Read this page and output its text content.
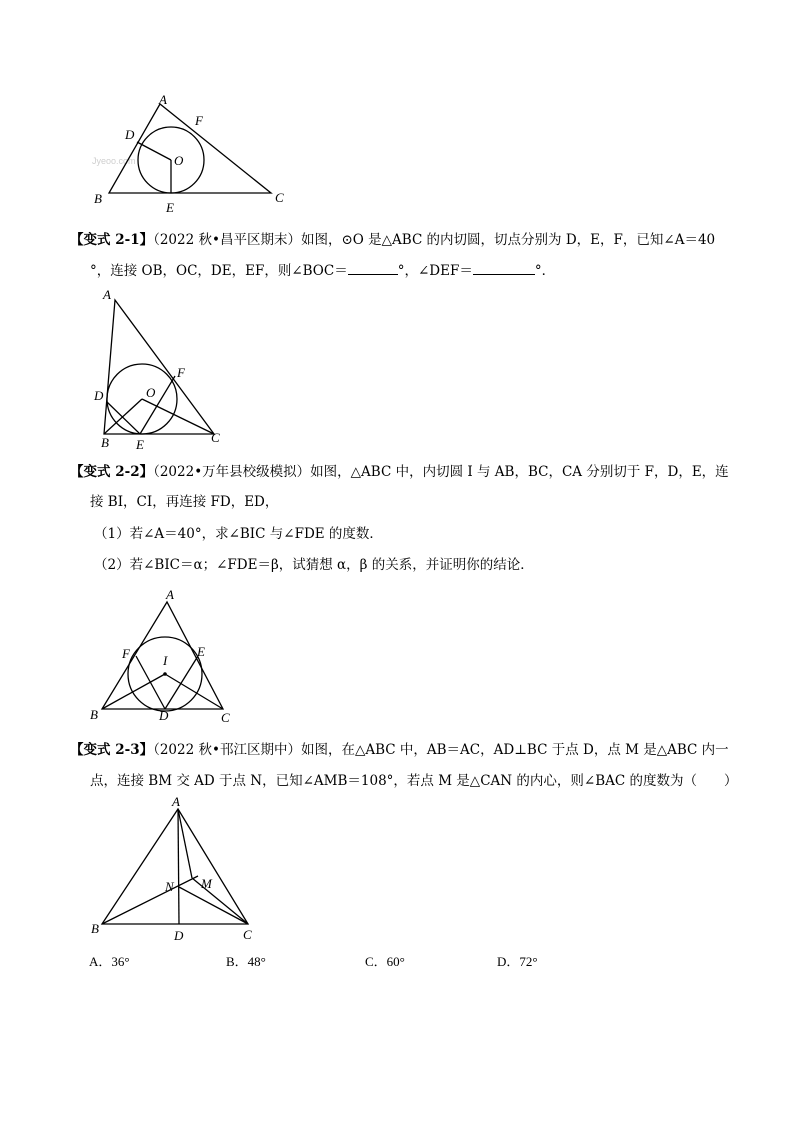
Jyeoo.com
A
F
D
O
B
E
C
【变式 2-1】（2022 秋•昌平区期末）如图，⊙O 是△ABC 的内切圆，切点分别为 D，E，F，已知∠A＝40
°，连接 OB，OC，DE，EF，则∠BOC＝	°，∠DEF＝	°．
A
F
O
D
B E	C
【变式 2-2】（2022•万年县校级模拟）如图，△ABC 中，内切圆 I 与 AB，BC，CA 分别切于 F，D，E，连
接 BI，CI，再连接 FD，ED，
（1）若∠A＝40°，求∠BIC 与∠FDE 的度数．
（2）若∠BIC＝α；∠FDE＝β，试猜想 α，β 的关系，并证明你的结论．
A
F	E
I
B	D	C
【变式 2-3】（2022 秋•邗江区期中）如图，在△ABC 中，AB＝AC，AD⊥BC 于点 D，点 M 是△ABC 内一
点，连接 BM 交 AD 于点 N，已知∠AMB＝108°，若点 M 是△CAN 的内心，则∠BAC 的度数为（　　）
A
N M
B	D	C
A．36°	B．48°	C．60°	D．72°
